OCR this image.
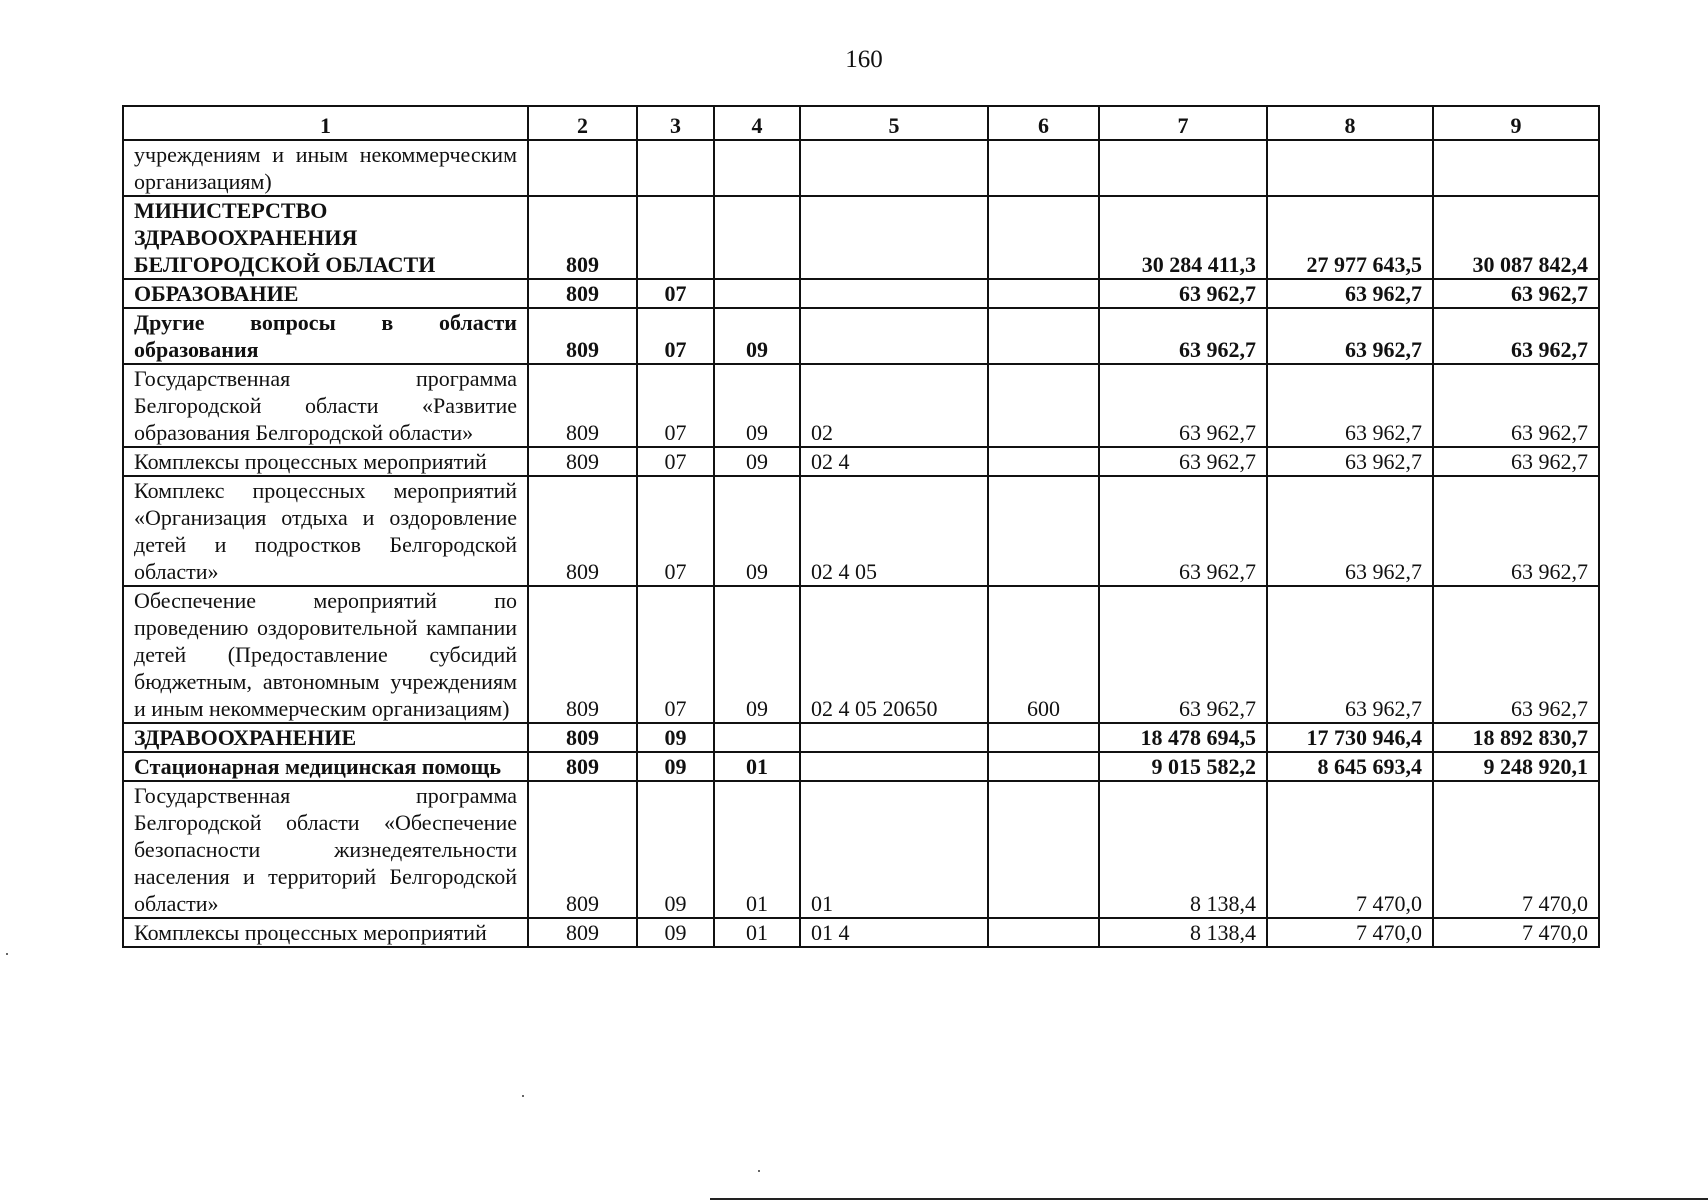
160
1	2	3	4	5	6	7	8	9
учреждениям и иным некоммерческим организациям)								
МИНИСТЕРСТВО ЗДРАВООХРАНЕНИЯ БЕЛГОРОДСКОЙ ОБЛАСТИ	809					30 284 411,3	27 977 643,5	30 087 842,4
ОБРАЗОВАНИЕ	809	07				63 962,7	63 962,7	63 962,7
Другие вопросы в области образования	809	07	09			63 962,7	63 962,7	63 962,7
Государственная программа Белгородской области «Развитие образования Белгородской области»	809	07	09	02		63 962,7	63 962,7	63 962,7
Комплексы процессных мероприятий	809	07	09	02 4		63 962,7	63 962,7	63 962,7
Комплекс процессных мероприятий «Организация отдыха и оздоровление детей и подростков Белгородской области»	809	07	09	02 4 05		63 962,7	63 962,7	63 962,7
Обеспечение мероприятий по проведению оздоровительной кампании детей (Предоставление субсидий бюджетным, автономным учреждениям и иным некоммерческим организациям)	809	07	09	02 4 05 20650	600	63 962,7	63 962,7	63 962,7
ЗДРАВООХРАНЕНИЕ	809	09				18 478 694,5	17 730 946,4	18 892 830,7
Стационарная медицинская помощь	809	09	01			9 015 582,2	8 645 693,4	9 248 920,1
Государственная программа Белгородской области «Обеспечение безопасности жизнедеятельности населения и территорий Белгородской области»	809	09	01	01		8 138,4	7 470,0	7 470,0
Комплексы процессных мероприятий	809	09	01	01 4		8 138,4	7 470,0	7 470,0
